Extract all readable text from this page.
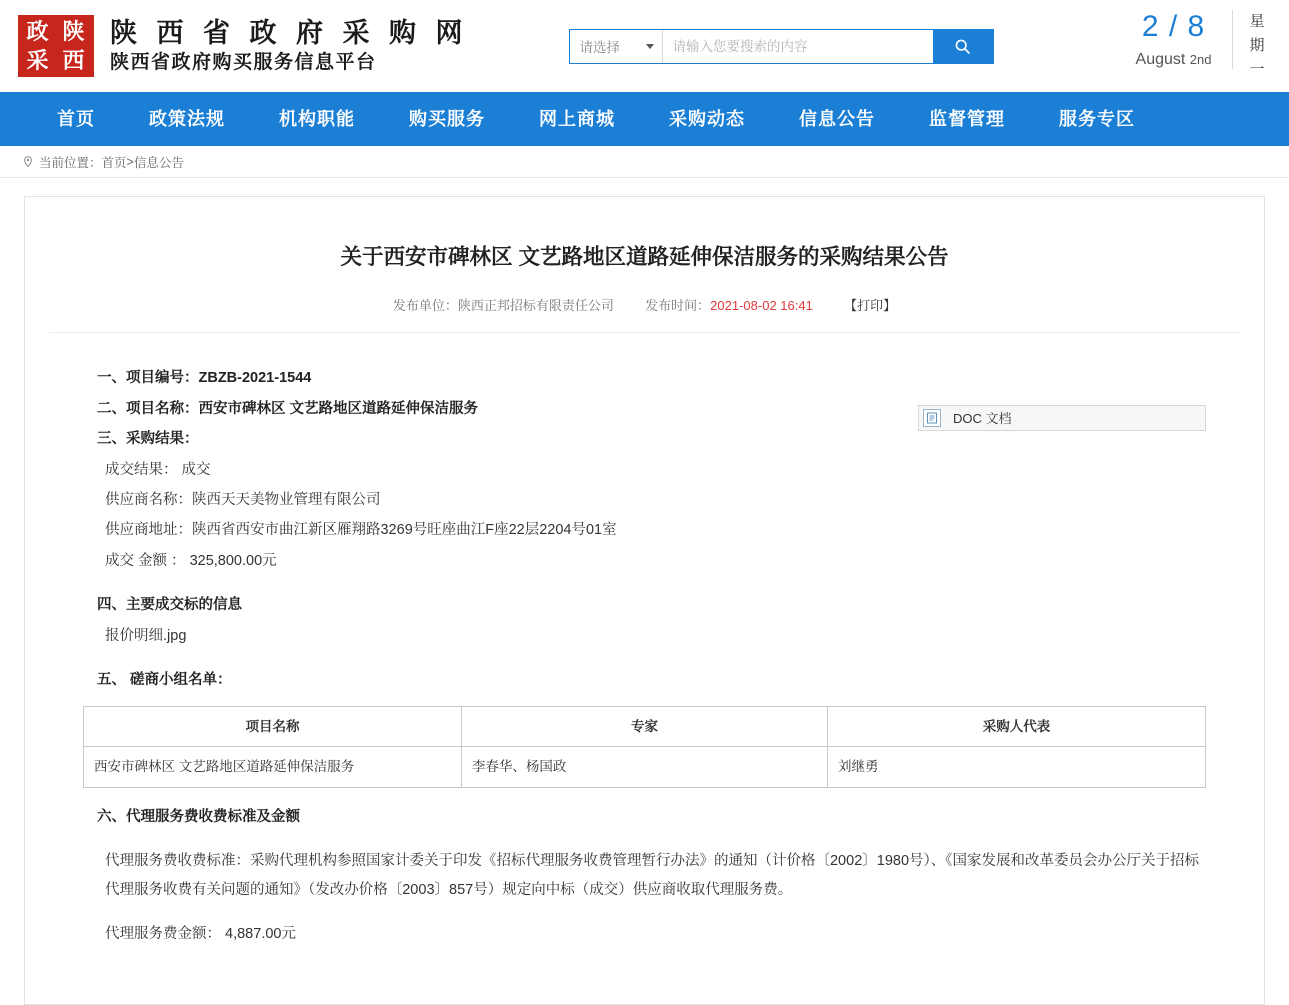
政 陕
采 西
陕 西 省 政 府 采 购 网
陕西省政府购买服务信息平台
请选择
请输入您要搜索的内容
2 / 8
August 2nd
星 期
一
首页	政策法规	机构职能	购买服务	网上商城	采购动态	信息公告	监督管理	服务专区
当前位置： 首页 > 信息公告
关于西安市碑林区 文艺路地区道路延伸保洁服务的采购结果公告
发布单位：陕西正邦招标有限责任公司 发布时间：2021-08-02 16:41 【打印】
DOC 文档

一、项目编号：ZBZB-2021-1544

二、项目名称：西安市碑林区 文艺路地区道路延伸保洁服务

三、采购结果：

成交结果： 成交

供应商名称：陕西天天美物业管理有限公司

供应商地址：陕西省西安市曲江新区雁翔路3269号旺座曲江F座22层2204号01室

成交 金额 ： 325,800.00元

四、主要成交标的信息

报价明细.jpg

五、 磋商小组名单：

项目名称	专家	采购人代表
西安市碑林区 文艺路地区道路延伸保洁服务	李春华、杨国政	刘继勇

六、代理服务费收费标准及金额

代理服务费收费标准：采购代理机构参照国家计委关于印发《招标代理服务收费管理暂行办法》的通知（计价格〔2002〕1980号）、《国家发展和改革委员会办公厅关于招标代理服务收费有关问题的通知》（发改办价格〔2003〕857号）规定向中标（成交）供应商收取代理服务费。

代理服务费金额： 4,887.00元
